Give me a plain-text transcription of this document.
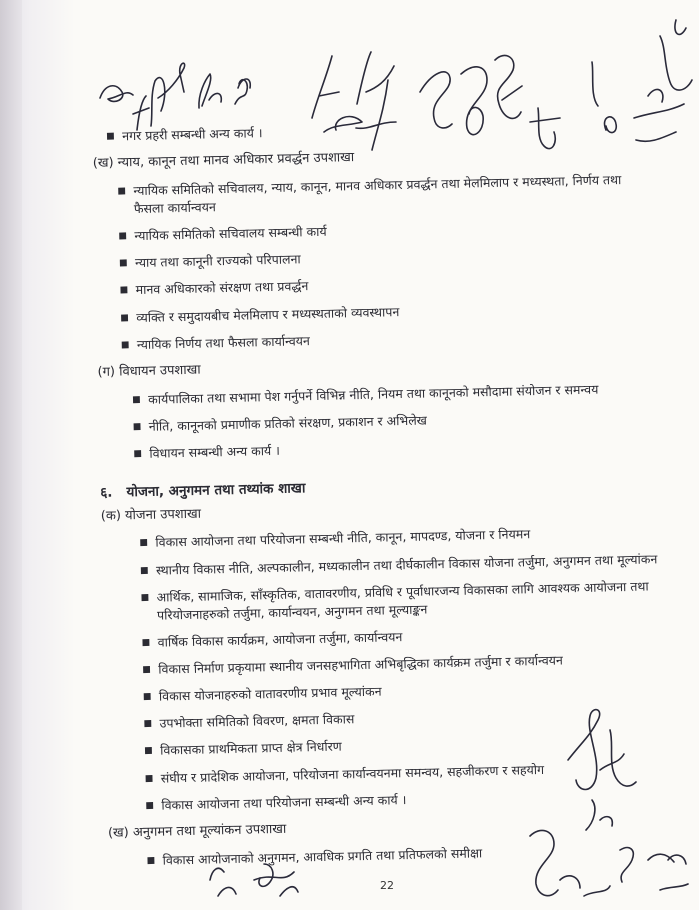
■ नगर प्रहरी सम्बन्धी अन्य कार्य ।

(ख) न्याय, कानून तथा मानव अधिकार प्रवर्द्धन उपशाखा

■ न्यायिक समितिको सचिवालय, न्याय, कानून, मानव अधिकार प्रवर्द्धन तथा मेलमिलाप र मध्यस्थता, निर्णय तथा फैसला कार्यान्वयन
■ न्यायिक समितिको सचिवालय सम्बन्धी कार्य
■ न्याय तथा कानूनी राज्यको परिपालना
■ मानव अधिकारको संरक्षण तथा प्रवर्द्धन
■ व्यक्ति र समुदायबीच मेलमिलाप र मध्यस्थताको व्यवस्थापन
■ न्यायिक निर्णय तथा फैसला कार्यान्वयन

(ग) विधायन उपशाखा

■ कार्यपालिका तथा सभामा पेश गर्नुपर्ने विभिन्न नीति, नियम तथा कानूनको मसौदामा संयोजन र समन्वय
■ नीति, कानूनको प्रमाणीक प्रतिको संरक्षण, प्रकाशन र अभिलेख
■ विधायन सम्बन्धी अन्य कार्य ।

६. योजना, अनुगमन तथा तथ्यांक शाखा

(क) योजना उपशाखा

■ विकास आयोजना तथा परियोजना सम्बन्धी नीति, कानून, मापदण्ड, योजना र नियमन
■ स्थानीय विकास नीति, अल्पकालीन, मध्यकालीन तथा दीर्घकालीन विकास योजना तर्जुमा, अनुगमन तथा मूल्यांकन
■ आर्थिक, सामाजिक, साँस्कृतिक, वातावरणीय, प्रविधि र पूर्वाधारजन्य विकासका लागि आवश्यक आयोजना तथा परियोजनाहरुको तर्जुमा, कार्यान्वयन, अनुगमन तथा मूल्याङ्कन
■ वार्षिक विकास कार्यक्रम, आयोजना तर्जुमा, कार्यान्वयन
■ विकास निर्माण प्रकृयामा स्थानीय जनसहभागिता अभिबृद्धिका कार्यक्रम तर्जुमा र कार्यान्वयन
■ विकास योजनाहरुको वातावरणीय प्रभाव मूल्यांकन
■ उपभोक्ता समितिको विवरण, क्षमता विकास
■ विकासका प्राथमिकता प्राप्त क्षेत्र निर्धारण
■ संघीय र प्रादेशिक आयोजना, परियोजना कार्यान्वयनमा समन्वय, सहजीकरण र सहयोग
■ विकास आयोजना तथा परियोजना सम्बन्धी अन्य कार्य ।

(ख) अनुगमन तथा मूल्यांकन उपशाखा

■ विकास आयोजनाको अनुगमन, आवधिक प्रगति तथा प्रतिफलको समीक्षा
22
